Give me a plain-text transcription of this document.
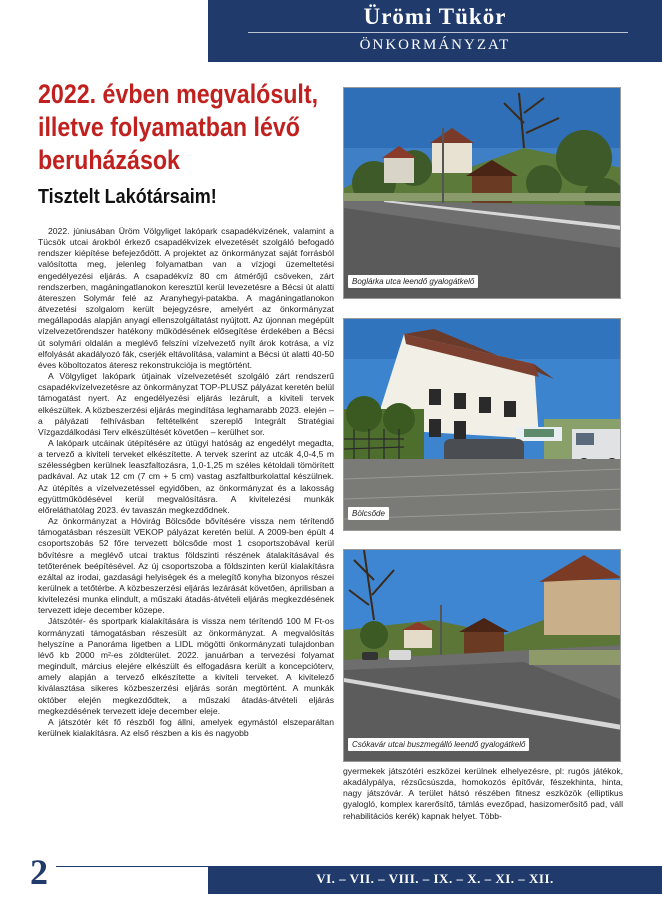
Ürömi Tükör
ÖNKORMÁNYZAT
2022. évben megvalósult,
illetve folyamatban lévő
beruházások
Tisztelt Lakótársaim!

2022. júniusában Üröm Völgyliget lakópark csapadékvizének, valamint a Tücsök utcai árokból érkező csapadékvizek elvezetését szolgáló befogadó rendszer kiépítése befejeződött. A projektet az önkormányzat saját forrásból valósította meg, jelenleg folyamatban van a vízjogi üzemeltetési engedélyezési eljárás. A csapadékvíz 80 cm átmérőjű csöveken, zárt rendszerben, magáningatlanokon keresztül kerül levezetésre a Bécsi út alatti átereszen Solymár felé az Aranyhegyi-patakba. A magáningatlanokon átvezetési szolgalom került bejegyzésre, amelyért az önkormányzat megállapodás alapján anyagi ellenszolgáltatást nyújtott. Az újonnan megépült vízelvezetőrendszer hatékony működésének elősegítése érdekében a Bécsi út solymári oldalán a meglévő felszíni vízelvezető nyílt árok kotrása, a víz elfolyását akadályozó fák, cserjék eltávolítása, valamint a Bécsi út alatti 40-50 éves köboltozatos áteresz rekonstrukciója is megtörtént.

A Völgyliget lakópark útjainak vízelvezetését szolgáló zárt rendszerű csapadékvízelvezetésre az önkormányzat TOP-PLUSZ pályázat keretén belül támogatást nyert. Az engedélyezési eljárás lezárult, a kiviteli tervek elkészültek. A közbeszerzési eljárás megindítása leghamarabb 2023. elején – a pályázati felhívásban feltételként szereplő Integrált Stratégiai Vízgazdálkodási Terv elkészültését követően – kerülhet sor.

A lakópark utcáinak útépítésére az útügyi hatóság az engedélyt megadta, a tervező a kiviteli terveket elkészítette. A tervek szerint az utcák 4,0-4,5 m szélességben kerülnek leaszfaltozásra, 1,0-1,25 m széles kétoldali tömörített padkával. Az utak 12 cm (7 cm + 5 cm) vastag aszfaltburkolattal készülnek. Az útépítés a vízelvezetéssel egyidőben, az önkormányzat és a lakosság együttműködésével kerül megvalósításra. A kivitelezési munkák előreláthatólag 2023. év tavaszán megkezdődnek.

Az önkormányzat a Hóvirág Bölcsőde bővítésére vissza nem térítendő támogatásban részesült VEKOP pályázat keretén belül. A 2009-ben épült 4 csoportszobás 52 főre tervezett bölcsőde most 1 csoportszobával kerül bővítésre a meglévő utcai traktus földszinti részének átalakításával és tetőterének beépítésével. Az új csoportszoba a földszinten kerül kialakításra ezáltal az irodai, gazdasági helyiségek és a melegítő konyha bizonyos részei kerülnek a tetőtérbe. A közbeszerzési eljárás lezárását követően, áprilisban a kivitelezési munka elindult, a műszaki átadás-átvételi eljárás megkezdésének tervezett ideje december közepe.

Játszótér- és sportpark kialakítására is vissza nem térítendő 100 M Ft-os kormányzati támogatásban részesült az önkormányzat. A megvalósítás helyszíne a Panoráma ligetben a LIDL mögötti önkormányzati tulajdonban lévő kb 2000 m²-es zöldterület. 2022. januárban a tervezési folyamat megindult, március elejére elkészült és elfogadásra került a koncepcióterv, amely alapján a tervező elkészítette a kiviteli terveket. A kivitelező kiválasztása sikeres közbeszerzési eljárás során megtörtént. A munkák október elején megkezdődtek, a műszaki átadás-átvételi eljárás megkezdésének tervezett ideje december eleje.

A játszótér két fő részből fog állni, amelyek egymástól elszeparáltan kerülnek kialakításra. Az első részben a kis és nagyobb

Boglárka utca leendő gyalogátkelő
Bölcsőde
Csókavár utcai buszmegálló leendő gyalogátkelő
gyermekek játszótéri eszközei kerülnek elhelyezésre, pl: rugós játékok, akadálypálya, rézsűcsúszda, homokozós építővár, fészekhinta, hinta, nagy játszóvár. A terület hátsó részében fitnesz eszközök (elliptikus gyalogló, komplex karerősítő, támlás evezőpad, hasizomerősítő pad, váll rehabilitációs kerék) kapnak helyet. Több-
2	VI. – VII. – VIII. – IX. – X. – XI. – XII.
